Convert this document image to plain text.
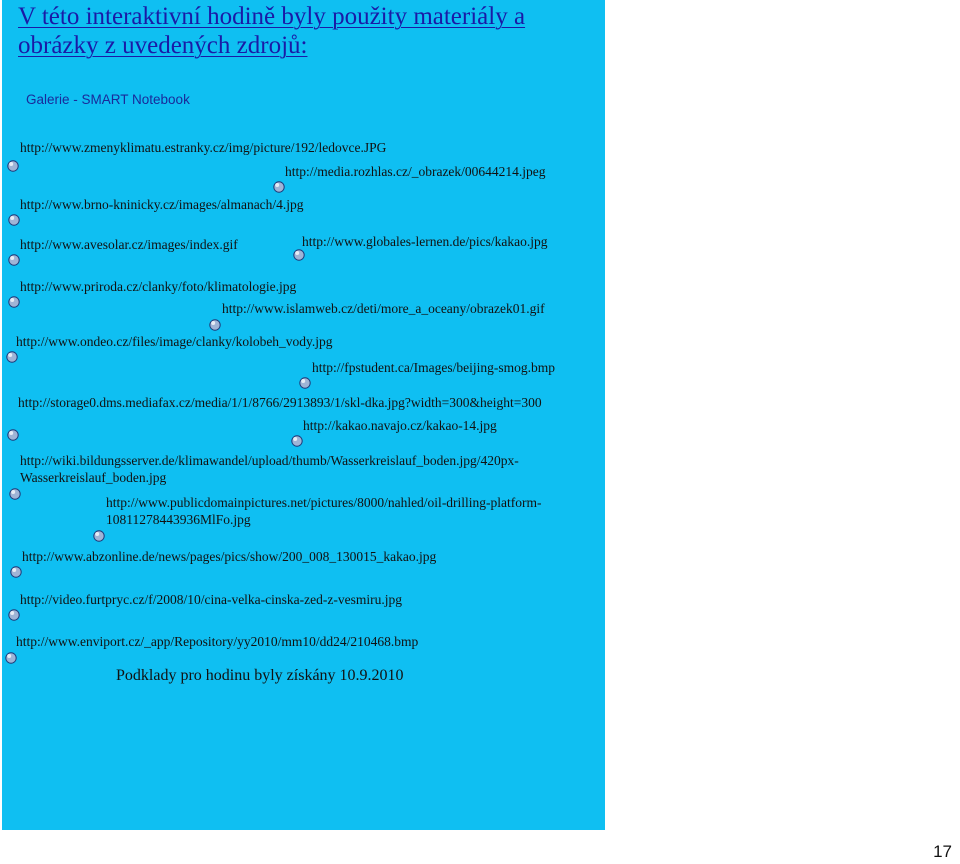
V této interaktivní hodině byly použity materiály a obrázky z uvedených zdrojů:
Galerie - SMART Notebook
http://www.zmenyklimatu.estranky.cz/img/picture/192/ledovce.JPG
http://media.rozhlas.cz/_obrazek/00644214.jpeg
http://www.brno-kninicky.cz/images/almanach/4.jpg
http://www.avesolar.cz/images/index.gif	http://www.globales-lernen.de/pics/kakao.jpg
http://www.priroda.cz/clanky/foto/klimatologie.jpg
http://www.islamweb.cz/deti/more_a_oceany/obrazek01.gif
http://www.ondeo.cz/files/image/clanky/kolobeh_vody.jpg
http://fpstudent.ca/Images/beijing-smog.bmp
http://storage0.dms.mediafax.cz/media/1/1/8766/2913893/1/skl-dka.jpg?width=300&height=300
http://kakao.navajo.cz/kakao-14.jpg
http://wiki.bildungsserver.de/klimawandel/upload/thumb/Wasserkreislauf_boden.jpg/420px-Wasserkreislauf_boden.jpg
http://www.publicdomainpictures.net/pictures/8000/nahled/oil-drilling-platform-10811278443936MlFo.jpg
http://www.abzonline.de/news/pages/pics/show/200_008_130015_kakao.jpg
http://video.furtpryc.cz/f/2008/10/cina-velka-cinska-zed-z-vesmiru.jpg
http://www.enviport.cz/_app/Repository/yy2010/mm10/dd24/210468.bmp
Podklady pro hodinu byly získány 10.9.2010
17
